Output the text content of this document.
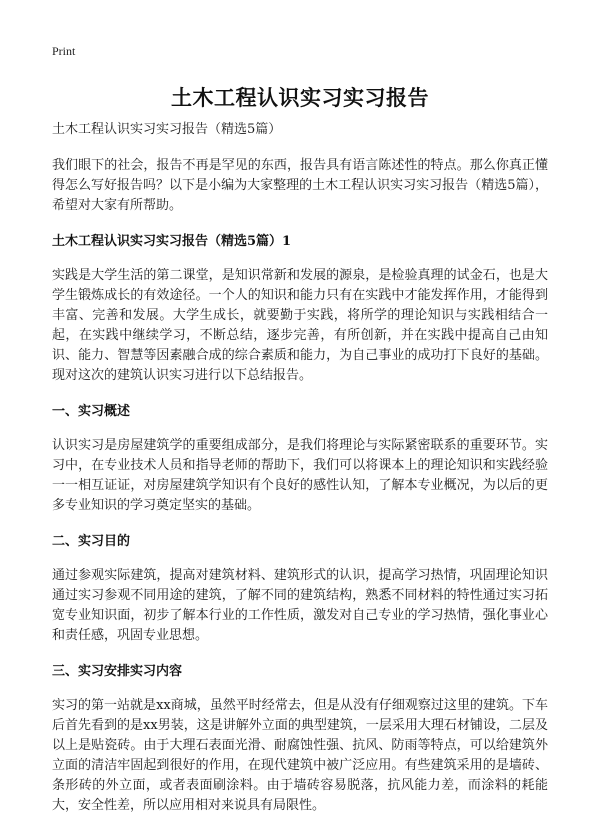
Print

土木工程认识实习实习报告

土木工程认识实习实习报告（精选5篇）

我们眼下的社会，报告不再是罕见的东西，报告具有语言陈述性的特点。那么你真正懂得怎么写好报告吗？以下是小编为大家整理的土木工程认识实习实习报告（精选5篇），希望对大家有所帮助。

土木工程认识实习实习报告（精选5篇）1

实践是大学生活的第二课堂，是知识常新和发展的源泉，是检验真理的试金石，也是大学生锻炼成长的有效途径。一个人的知识和能力只有在实践中才能发挥作用，才能得到丰富、完善和发展。大学生成长，就要勤于实践，将所学的理论知识与实践相结合一起，在实践中继续学习，不断总结，逐步完善，有所创新，并在实践中提高自己由知识、能力、智慧等因素融合成的综合素质和能力，为自己事业的成功打下良好的基础。现对这次的建筑认识实习进行以下总结报告。

一、实习概述

认识实习是房屋建筑学的重要组成部分，是我们将理论与实际紧密联系的重要环节。实习中，在专业技术人员和指导老师的帮助下，我们可以将课本上的理论知识和实践经验一一相互证证，对房屋建筑学知识有个良好的感性认知，了解本专业概况，为以后的更多专业知识的学习奠定坚实的基础。

二、实习目的

通过参观实际建筑，提高对建筑材料、建筑形式的认识，提高学习热情，巩固理论知识通过实习参观不同用途的建筑，了解不同的建筑结构，熟悉不同材料的特性通过实习拓宽专业知识面，初步了解本行业的工作性质，激发对自己专业的学习热情，强化事业心和责任感，巩固专业思想。

三、实习安排实习内容

实习的第一站就是xx商城，虽然平时经常去，但是从没有仔细观察过这里的建筑。下车后首先看到的是xx男装，这是讲解外立面的典型建筑，一层采用大理石材铺设，二层及以上是贴瓷砖。由于大理石表面光滑、耐腐蚀性强、抗风、防雨等特点，可以给建筑外立面的清洁牢固起到很好的作用，在现代建筑中被广泛应用。有些建筑采用的是墙砖、条形砖的外立面，或者表面刷涂料。由于墙砖容易脱落，抗风能力差，而涂料的耗能大，安全性差，所以应用相对来说具有局限性。
